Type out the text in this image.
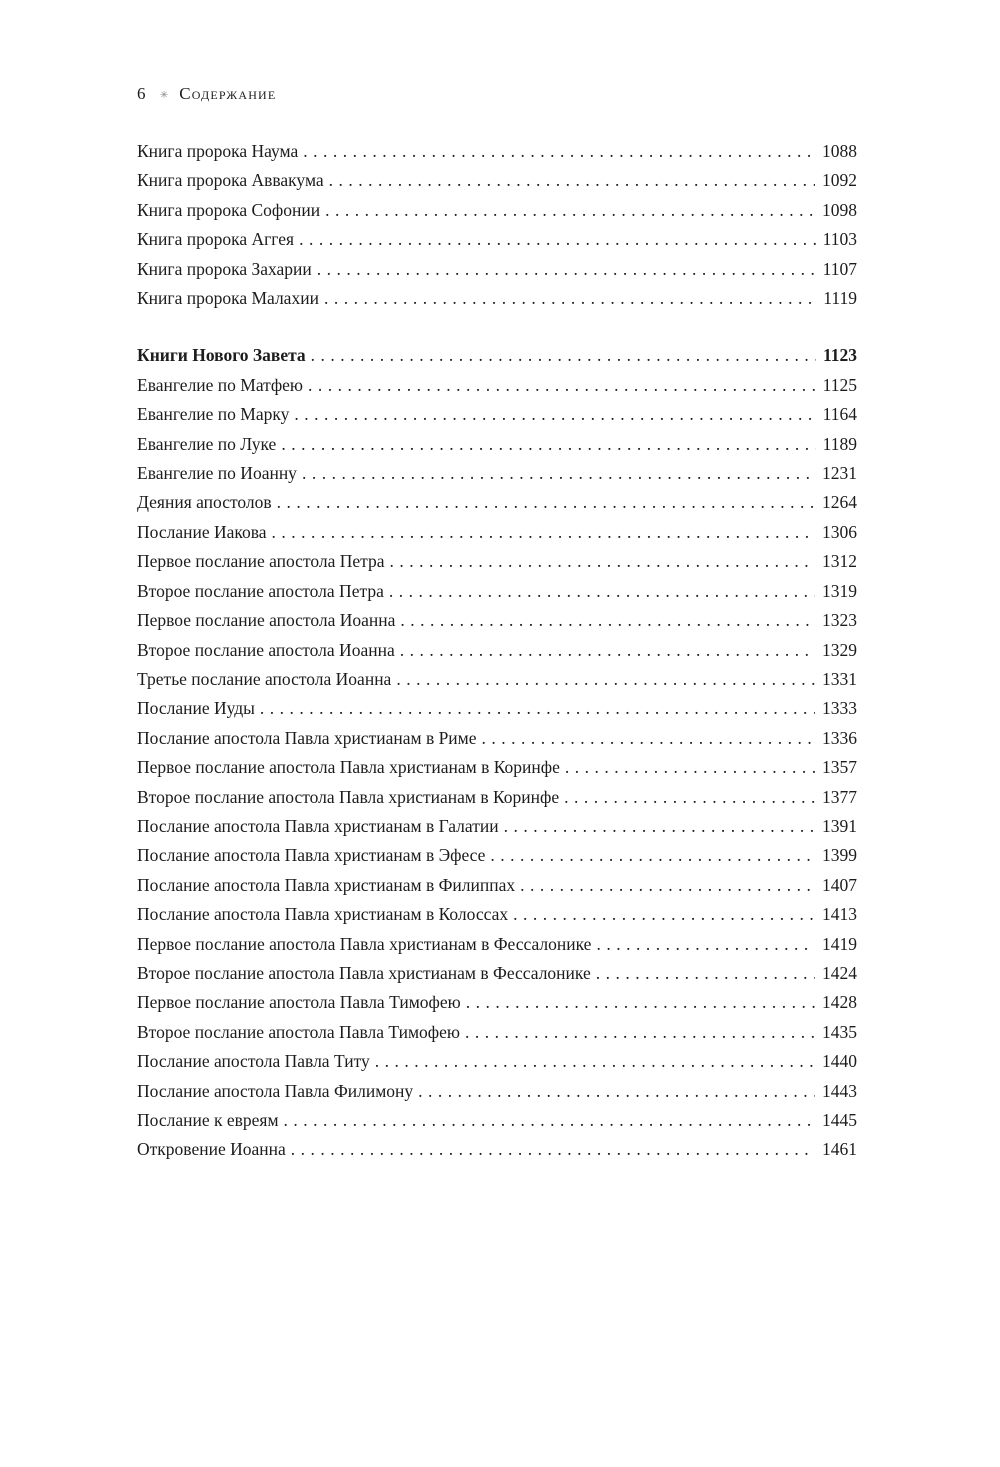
6 ✳ Содержание
Книга пророка Наума .....	1088
Книга пророка Аввакума .....	1092
Книга пророка Софонии .....	1098
Книга пророка Аггея .....	1103
Книга пророка Захарии .....	1107
Книга пророка Малахии .....	1119
Книги Нового Завета .....	1123
Евангелие по Матфею .....	1125
Евангелие по Марку .....	1164
Евангелие по Луке .....	1189
Евангелие по Иоанну .....	1231
Деяния апостолов .....	1264
Послание Иакова .....	1306
Первое послание апостола Петра .....	1312
Второе послание апостола Петра .....	1319
Первое послание апостола Иоанна .....	1323
Второе послание апостола Иоанна .....	1329
Третье послание апостола Иоанна .....	1331
Послание Иуды .....	1333
Послание апостола Павла христианам в Риме .....	1336
Первое послание апостола Павла христианам в Коринфе .....	1357
Второе послание апостола Павла христианам в Коринфе .....	1377
Послание апостола Павла христианам в Галатии .....	1391
Послание апостола Павла христианам в Эфесе .....	1399
Послание апостола Павла христианам в Филиппах .....	1407
Послание апостола Павла христианам в Колоссах .....	1413
Первое послание апостола Павла христианам в Фессалонике .....	1419
Второе послание апостола Павла христианам в Фессалонике .....	1424
Первое послание апостола Павла Тимофею .....	1428
Второе послание апостола Павла Тимофею .....	1435
Послание апостола Павла Титу .....	1440
Послание апостола Павла Филимону .....	1443
Послание к евреям .....	1445
Откровение Иоанна .....	1461
